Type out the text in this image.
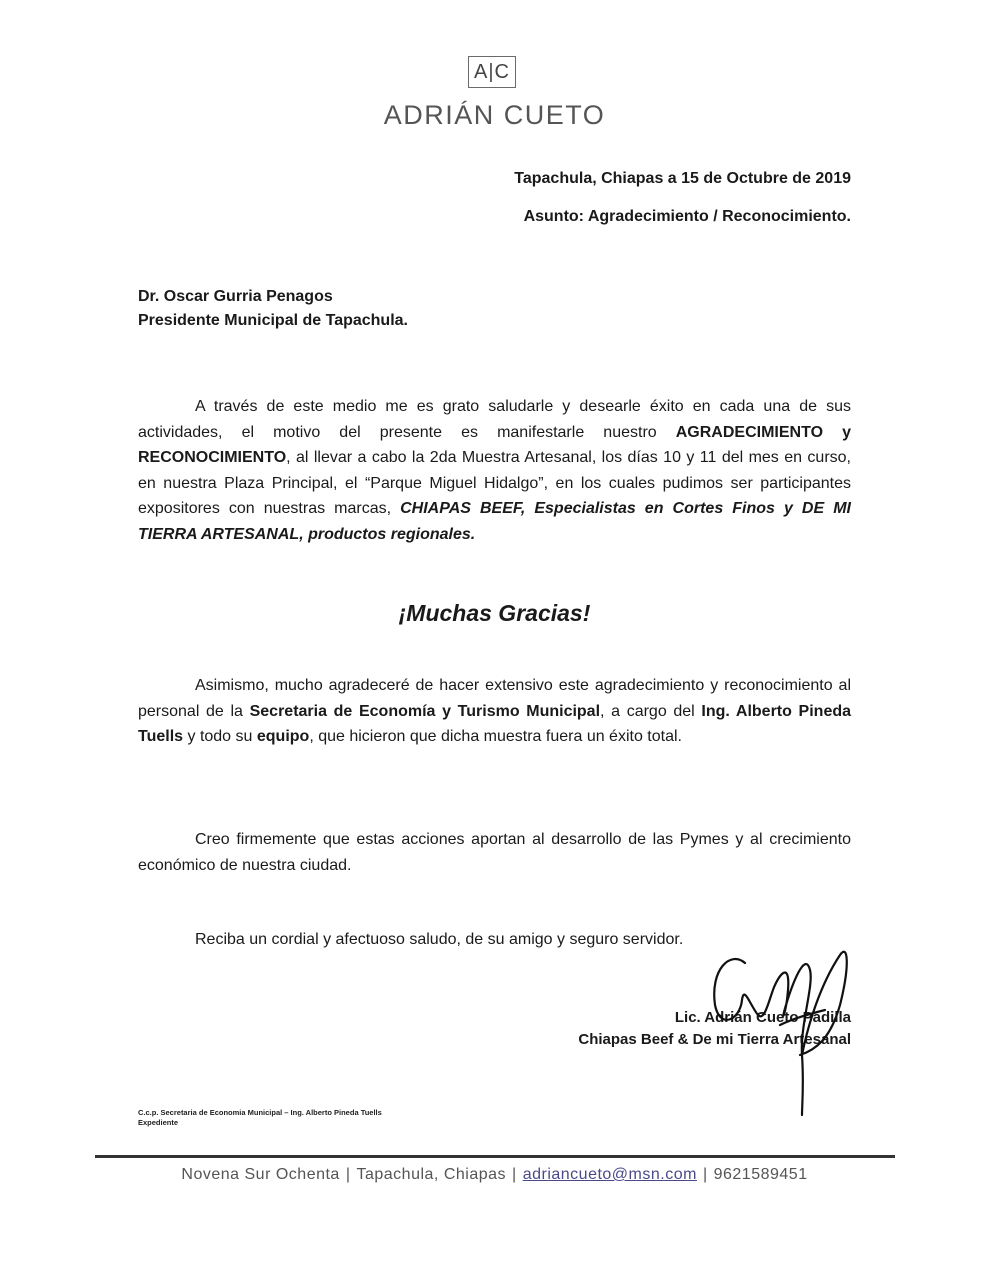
A|C
ADRIÁN CUETO
Tapachula, Chiapas a 15 de Octubre de 2019
Asunto: Agradecimiento / Reconocimiento.
Dr. Oscar Gurria Penagos
Presidente Municipal de Tapachula.

A través de este medio me es grato saludarle y desearle éxito en cada una de sus actividades, el motivo del presente es manifestarle nuestro AGRADECIMIENTO y RECONOCIMIENTO, al llevar a cabo la 2da Muestra Artesanal, los días 10 y 11 del mes en curso, en nuestra Plaza Principal, el “Parque Miguel Hidalgo”, en los cuales pudimos ser participantes expositores con nuestras marcas, CHIAPAS BEEF, Especialistas en Cortes Finos y DE MI TIERRA ARTESANAL, productos regionales.

¡Muchas Gracias!

Asimismo, mucho agradeceré de hacer extensivo este agradecimiento y reconocimiento al personal de la Secretaria de Economía y Turismo Municipal, a cargo del Ing. Alberto Pineda Tuells y todo su equipo, que hicieron que dicha muestra fuera un éxito total.

Creo firmemente que estas acciones aportan al desarrollo de las Pymes y al crecimiento económico de nuestra ciudad.

Reciba un cordial y afectuoso saludo, de su amigo y seguro servidor.
Lic. Adrián Cueto Padilla
Chiapas Beef & De mi Tierra Artesanal
C.c.p. Secretaria de Economia Municipal – Ing. Alberto Pineda Tuells
Expediente
Novena Sur Ochenta | Tapachula, Chiapas | adriancueto@msn.com | 9621589451
